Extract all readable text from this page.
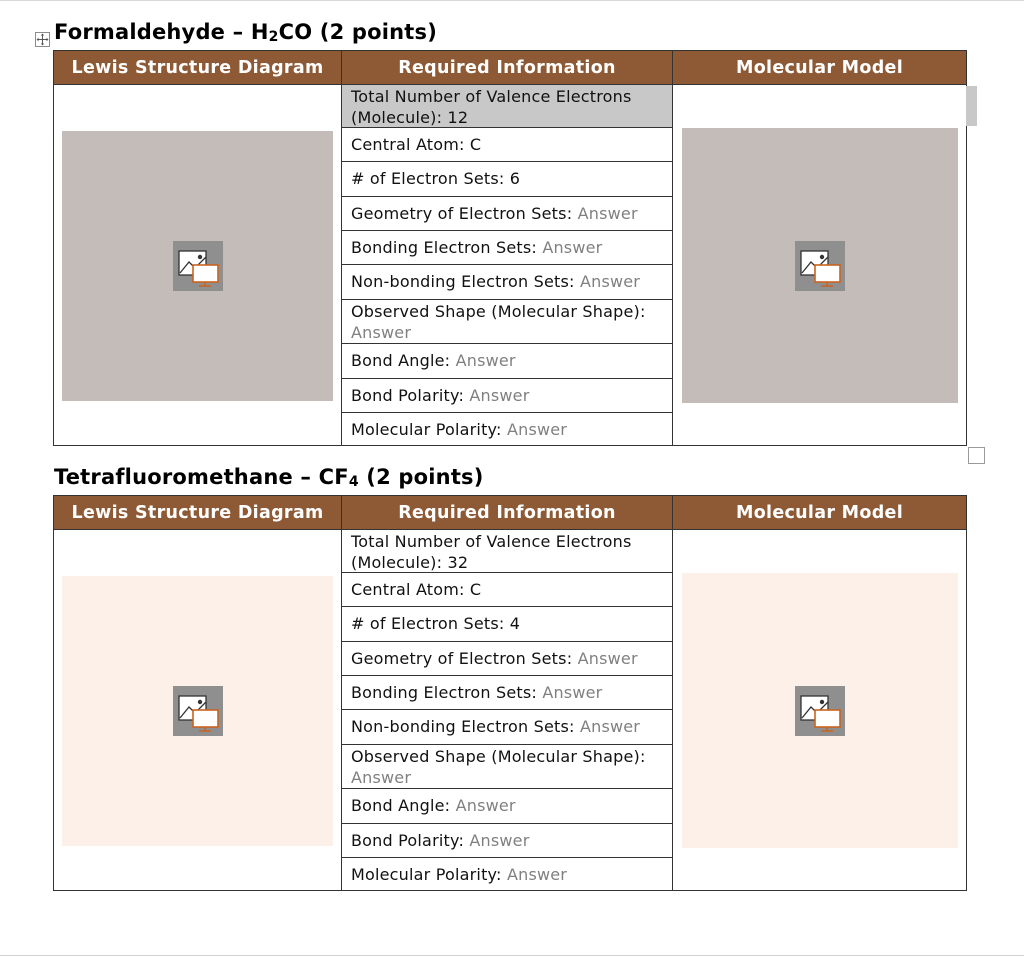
Formaldehyde – $H_2CO$ (2 points)
Lewis Structure Diagram	Required Information	Molecular Model
Total Number of Valence Electrons (Molecule): 12
Central Atom: C
# of Electron Sets: 6
Geometry of Electron Sets:
Answer
Bonding Electron Sets:
Answer
Non-bonding Electron Sets:
Answer
Observed Shape (Molecular Shape):
Answer
Bond Angle:
Answer
Bond Polarity:
Answer
Molecular Polarity:
Answer
Tetrafluoromethane – $CF_4$ (2 points)
Lewis Structure Diagram	Required Information	Molecular Model
Total Number of Valence Electrons (Molecule): 32
Central Atom: C
# of Electron Sets: 4
Geometry of Electron Sets:
Answer
Bonding Electron Sets:
Answer
Non-bonding Electron Sets:
Answer
Observed Shape (Molecular Shape):
Answer
Bond Angle:
Answer
Bond Polarity:
Answer
Molecular Polarity:
Answer
